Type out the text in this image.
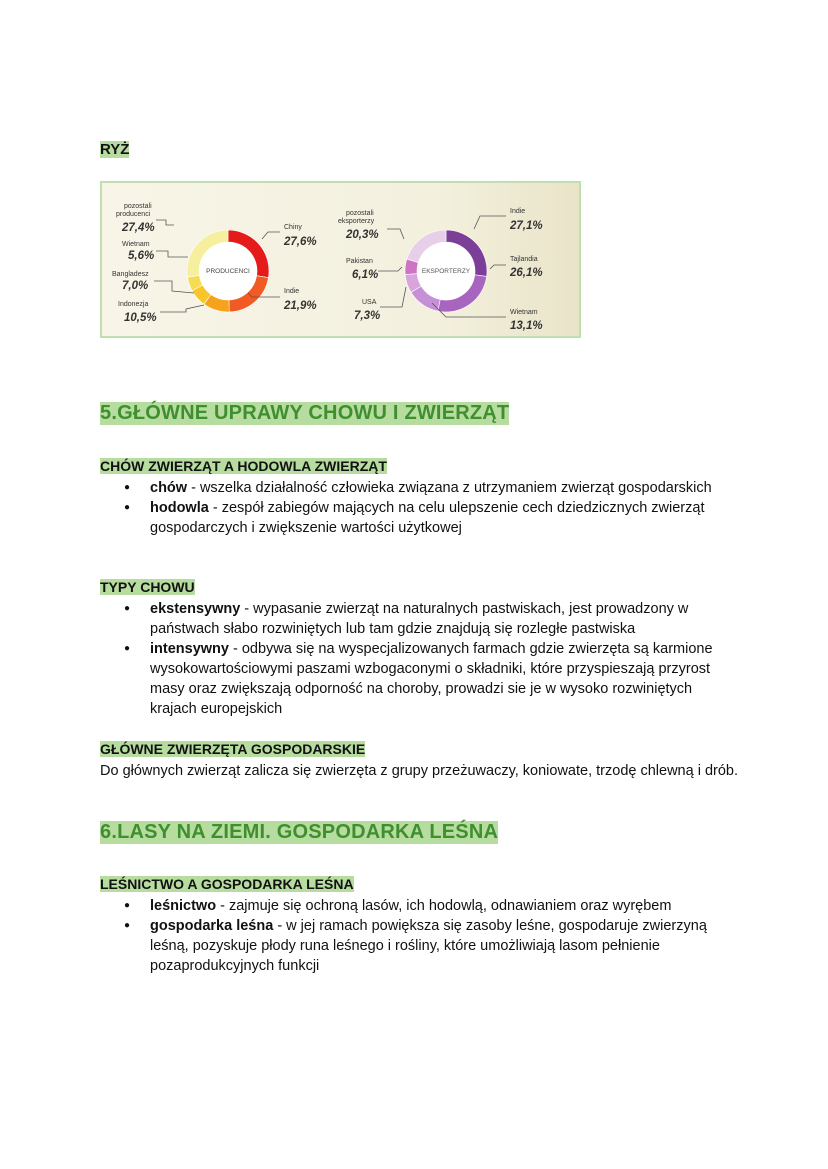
RYŻ
PRODUCENCI
pozostali
producenci
27,4%
Wietnam
5,6%
Bangladesz
7,0%
Indonezja
10,5%
Chiny
27,6%
Indie
21,9%
EKSPORTERZY
pozostali
eksporterzy
20,3%
Pakistan
6,1%
USA
7,3%
Indie
27,1%
Tajlandia
26,1%
Wietnam
13,1%
5.GŁÓWNE UPRAWY CHOWU I ZWIERZĄT
CHÓW ZWIERZĄT A HODOWLA ZWIERZĄT
● chów - wszelka działalność człowieka związana z utrzymaniem zwierząt gospodarskich
● hodowla - zespół zabiegów mających na celu ulepszenie cech dziedzicznych zwierząt gospodarczych i zwiększenie wartości użytkowej
TYPY CHOWU
● ekstensywny - wypasanie zwierząt na naturalnych pastwiskach, jest prowadzony w państwach słabo rozwiniętych lub tam gdzie znajdują się rozległe pastwiska
● intensywny - odbywa się na wyspecjalizowanych farmach gdzie zwierzęta są karmione wysokowartościowymi paszami wzbogaconymi o składniki, które przyspieszają przyrost masy oraz zwiększają odporność na choroby, prowadzi sie je w wysoko rozwiniętych krajach europejskich
GŁÓWNE ZWIERZĘTA GOSPODARSKIE
Do głównych zwierząt zalicza się zwierzęta z grupy przeżuwaczy, koniowate, trzodę chlewną i drób.
6.LASY NA ZIEMI. GOSPODARKA LEŚNA
LEŚNICTWO A GOSPODARKA LEŚNA
● leśnictwo - zajmuje się ochroną lasów, ich hodowlą, odnawianiem oraz wyrębem
● gospodarka leśna - w jej ramach powiększa się zasoby leśne, gospodaruje zwierzyną leśną, pozyskuje płody runa leśnego i rośliny, które umożliwiają lasom pełnienie pozaprodukcyjnych funkcji
